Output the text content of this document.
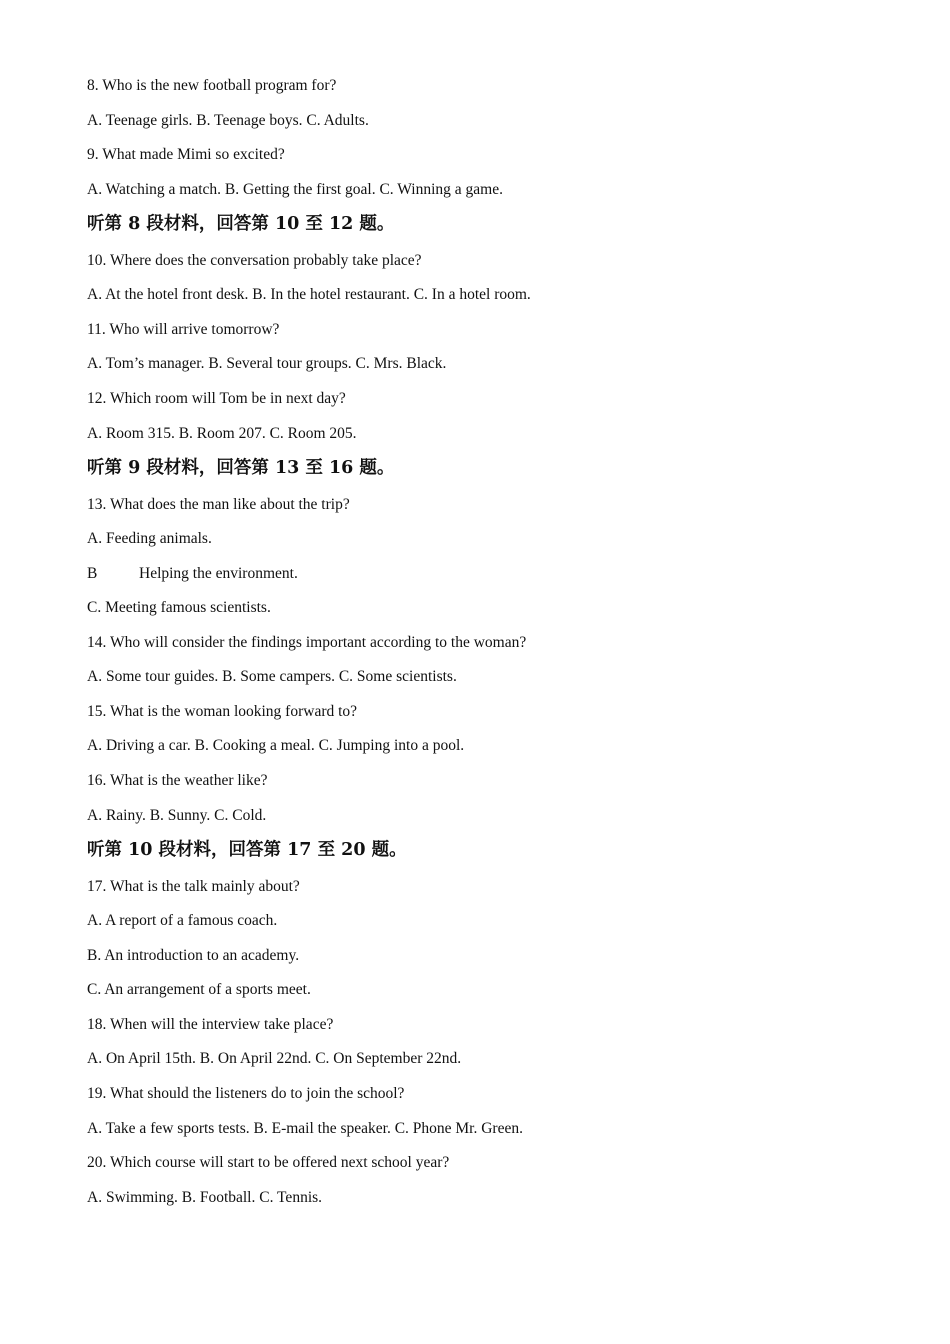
8. Who is the new football program for?
A. Teenage girls. B. Teenage boys. C. Adults.
9. What made Mimi so excited?
A. Watching a match. B. Getting the first goal. C. Winning a game.
听第 8 段材料，回答第 10 至 12 题。
10. Where does the conversation probably take place?
A. At the hotel front desk. B. In the hotel restaurant. C. In a hotel room.
11. Who will arrive tomorrow?
A. Tom’s manager. B. Several tour groups. C. Mrs. Black.
12. Which room will Tom be in next day?
A. Room 315. B. Room 207. C. Room 205.
听第 9 段材料，回答第 13 至 16 题。
13. What does the man like about the trip?
A. Feeding animals.
B	Helping the environment.
C. Meeting famous scientists.
14. Who will consider the findings important according to the woman?
A. Some tour guides. B. Some campers. C. Some scientists.
15. What is the woman looking forward to?
A. Driving a car. B. Cooking a meal. C. Jumping into a pool.
16. What is the weather like?
A. Rainy. B. Sunny. C. Cold.
听第 10 段材料，回答第 17 至 20 题。
17. What is the talk mainly about?
A. A report of a famous coach.
B. An introduction to an academy.
C. An arrangement of a sports meet.
18. When will the interview take place?
A. On April 15th. B. On April 22nd. C. On September 22nd.
19. What should the listeners do to join the school?
A. Take a few sports tests. B. E-mail the speaker. C. Phone Mr. Green.
20. Which course will start to be offered next school year?
A. Swimming. B. Football. C. Tennis.
